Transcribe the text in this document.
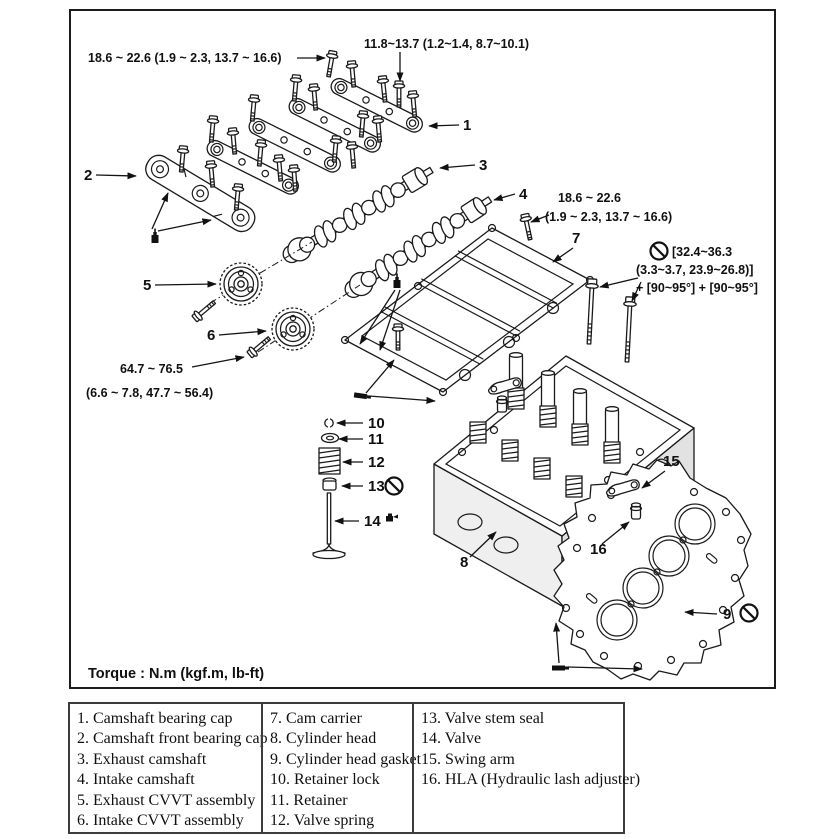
18.6 ~ 22.6 (1.9 ~ 2.3, 13.7 ~ 16.6)
11.8~13.7 (1.2~1.4, 8.7~10.1)
18.6 ~ 22.6
(1.9 ~ 2.3, 13.7 ~ 16.6)
[32.4~36.3
(3.3~3.7, 23.9~26.8)]
+ [90~95°] + [90~95°]
64.7 ~ 76.5
(6.6 ~ 7.8, 47.7 ~ 56.4)
Torque : N.m (kgf.m, lb-ft)
1
2
3
4
5
6
7
8
9
10
11
12
13
14
15
16
1. Camshaft bearing cap
2. Camshaft front bearing cap
3. Exhaust camshaft
4. Intake camshaft
5. Exhaust CVVT assembly
6. Intake CVVT assembly
7. Cam carrier
8. Cylinder head
9. Cylinder head gasket
10. Retainer lock
11. Retainer
12. Valve spring
13. Valve stem seal
14. Valve
15. Swing arm
16. HLA (Hydraulic lash adjuster)
